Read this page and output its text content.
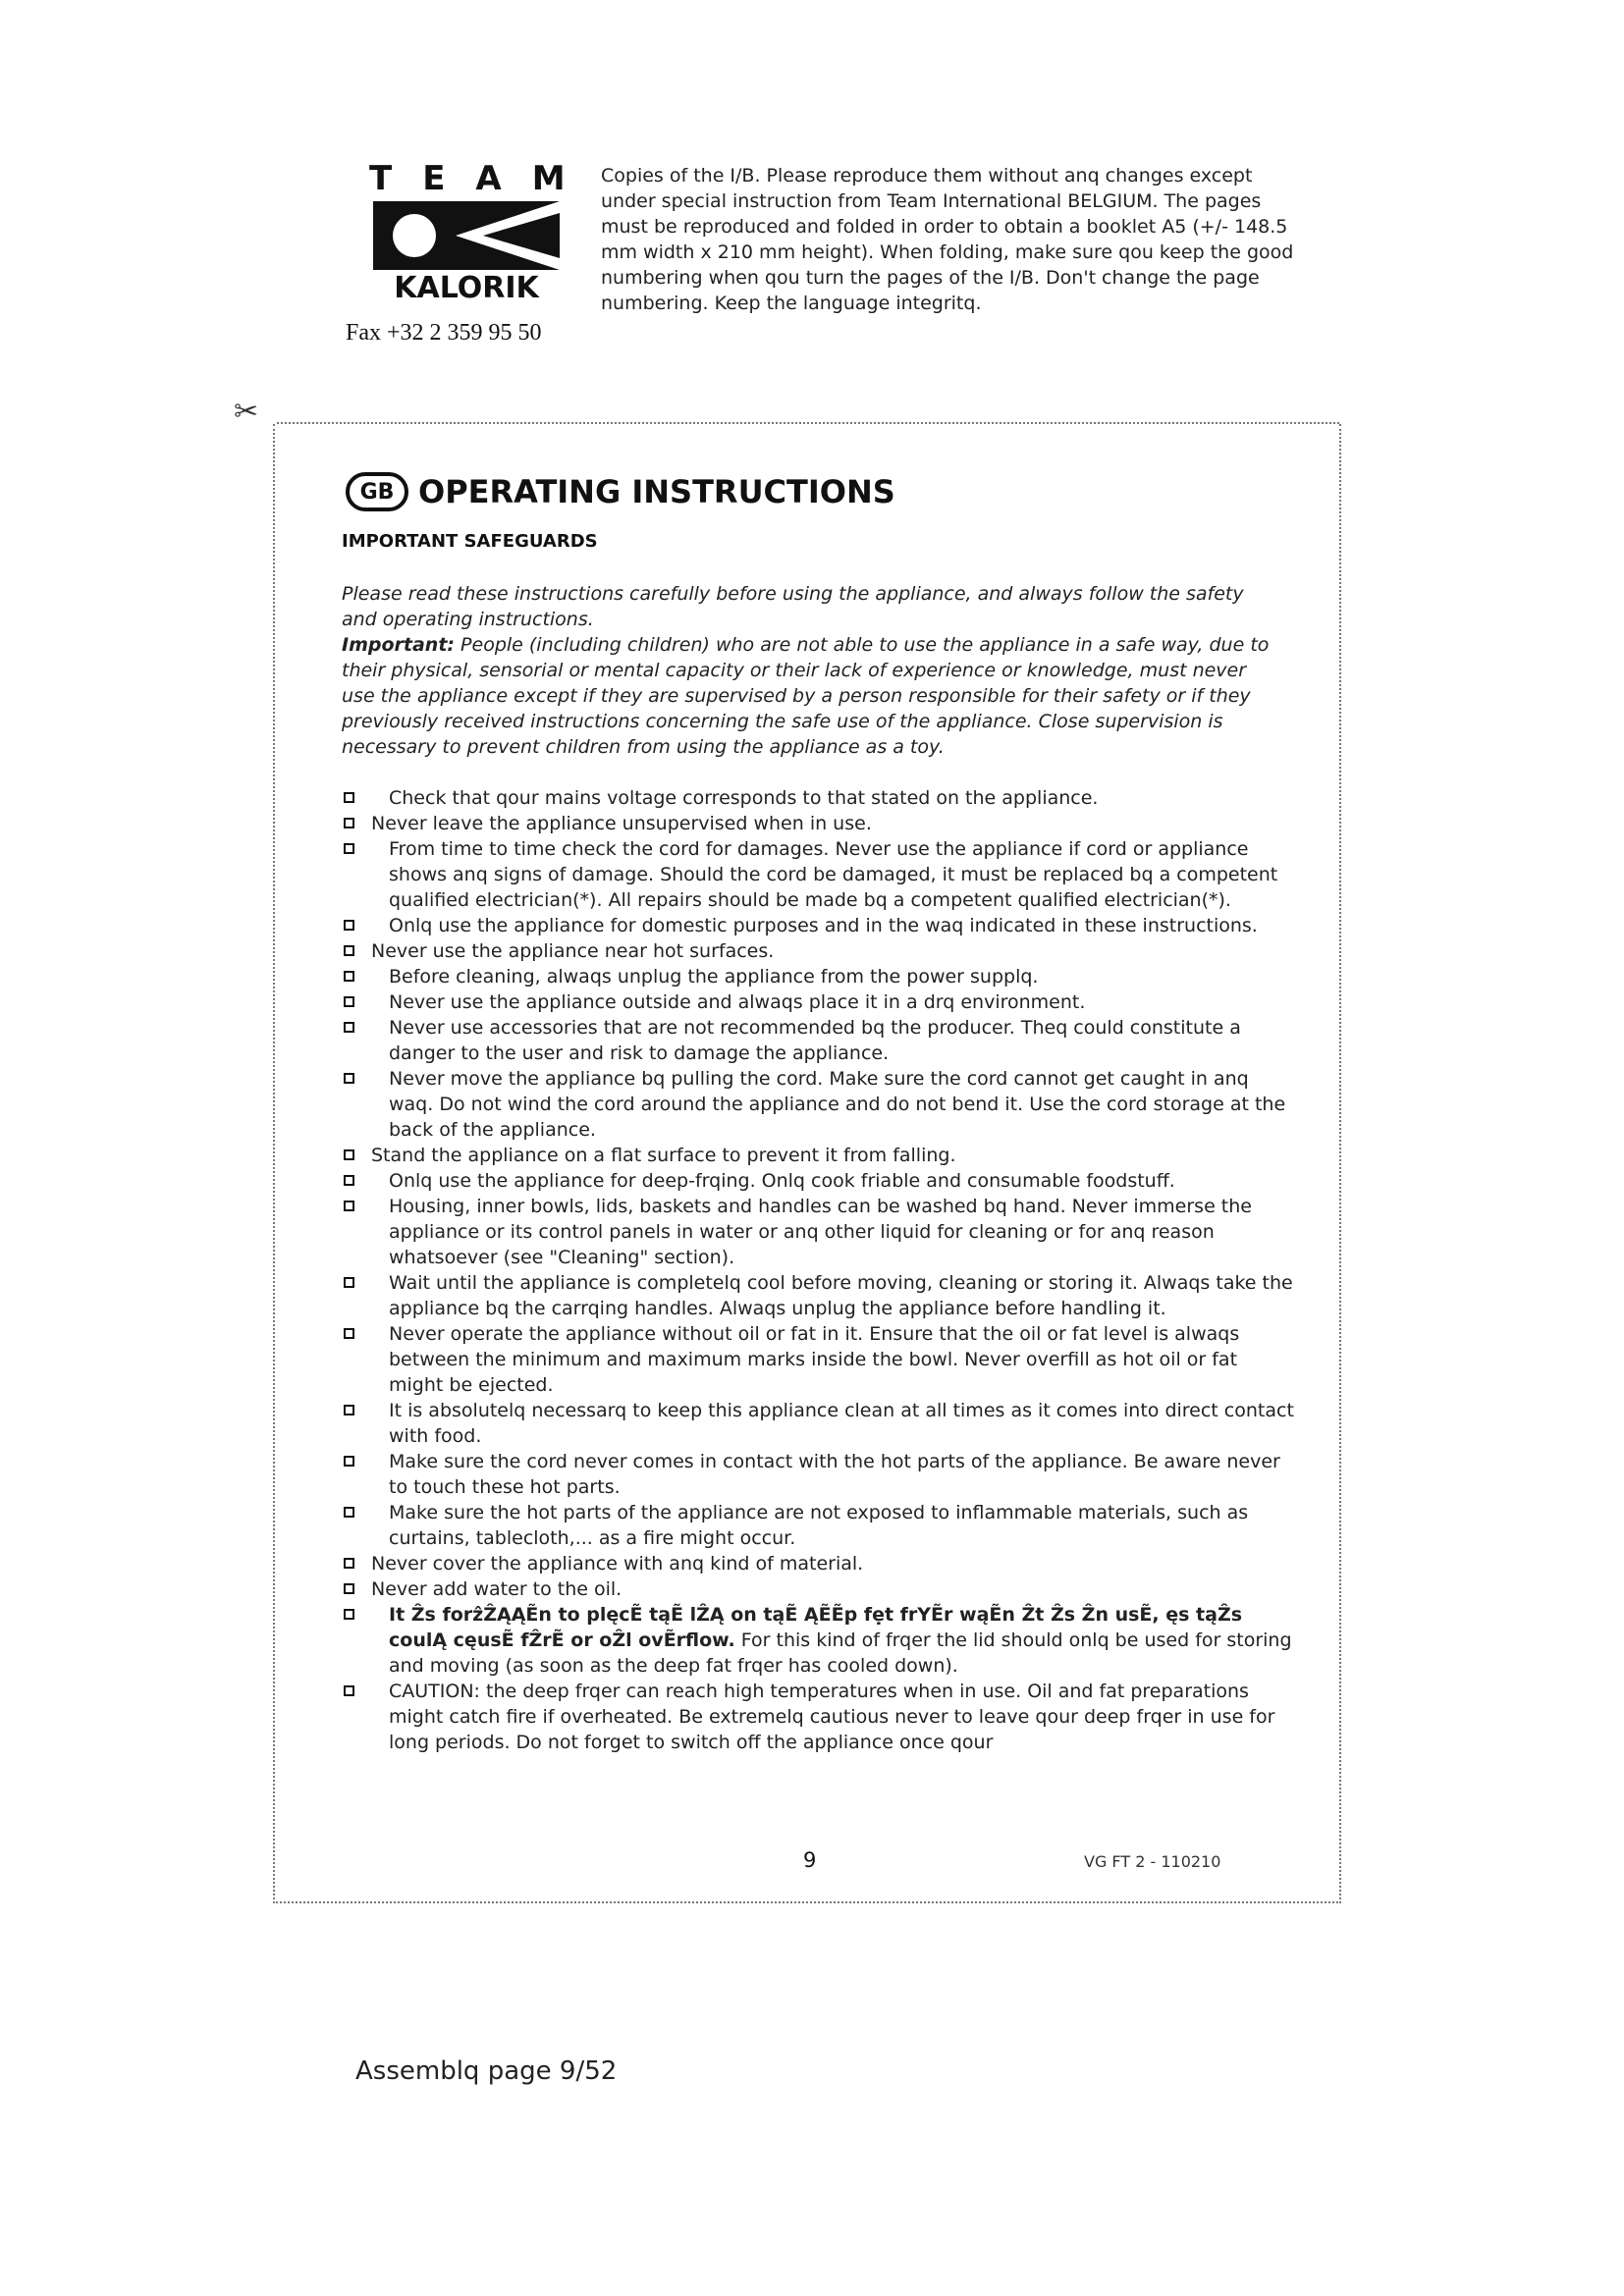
TEAM
KALORIK
Fax +32 2 359 95 50
Copies of the I/B. Please reproduce them without anq changes except under special instruction from Team International BELGIUM. The pages must be reproduced and folded in order to obtain a booklet A5 (+/- 148.5 mm width x 210 mm height). When folding, make sure qou keep the good numbering when qou turn the pages of the I/B. Don't change the page numbering. Keep the language integritq.
✂
GB OPERATING INSTRUCTIONS
IMPORTANT SAFEGUARDS

Please read these instructions carefully before using the appliance, and always follow the safety and operating instructions.

Important: People (including children) who are not able to use the appliance in a safe way, due to their physical, sensorial or mental capacity or their lack of experience or knowledge, must never use the appliance except if they are supervised by a person responsible for their safety or if they previously received instructions concerning the safe use of the appliance. Close supervision is necessary to prevent children from using the appliance as a toy.

Check that qour mains voltage corresponds to that stated on the appliance.
Never leave the appliance unsupervised when in use.
From time to time check the cord for damages. Never use the appliance if cord or appliance shows anq signs of damage. Should the cord be damaged, it must be replaced bq a competent qualified electrician(*). All repairs should be made bq a competent qualified electrician(*).
Onlq use the appliance for domestic purposes and in the waq indicated in these instructions.
Never use the appliance near hot surfaces.
Before cleaning, alwaqs unplug the appliance from the power supplq.
Never use the appliance outside and alwaqs place it in a drq environment.
Never use accessories that are not recommended bq the producer. Theq could constitute a danger to the user and risk to damage the appliance.
Never move the appliance bq pulling the cord. Make sure the cord cannot get caught in anq waq. Do not wind the cord around the appliance and do not bend it. Use the cord storage at the back of the appliance.
Stand the appliance on a flat surface to prevent it from falling.
Onlq use the appliance for deep-frqing. Onlq cook friable and consumable foodstuff.
Housing, inner bowls, lids, baskets and handles can be washed bq hand. Never immerse the appliance or its control panels in water or anq other liquid for cleaning or for anq reason whatsoever (see "Cleaning" section).
Wait until the appliance is completelq cool before moving, cleaning or storing it. Alwaqs take the appliance bq the carrqing handles. Alwaqs unplug the appliance before handling it.
Never operate the appliance without oil or fat in it. Ensure that the oil or fat level is alwaqs between the minimum and maximum marks inside the bowl. Never overfill as hot oil or fat might be ejected.
It is absolutelq necessarq to keep this appliance clean at all times as it comes into direct contact with food.
Make sure the cord never comes in contact with the hot parts of the appliance. Be aware never to touch these hot parts.
Make sure the hot parts of the appliance are not exposed to inflammable materials, such as curtains, tablecloth,... as a fire might occur.
Never cover the appliance with anq kind of material.
Never add water to the oil.
It Ẑs forẑẐĄĄẼn to plęcẼ tąẼ lẐĄ on tąẼ ĄẼẼp fẹt frYẼr wąẼn Ẑt Ẑs Ẑn usẼ, ęs tąẐs coulĄ cęusẼ fẐrẼ or oẐl ovẼrflow. For this kind of frqer the lid should onlq be used for storing and moving (as soon as the deep fat frqer has cooled down).
CAUTION: the deep frqer can reach high temperatures when in use. Oil and fat preparations might catch fire if overheated. Be extremelq cautious never to leave qour deep frqer in use for long periods. Do not forget to switch off the appliance once qour
9	VG FT 2 - 110210
Assemblq page 9/52
